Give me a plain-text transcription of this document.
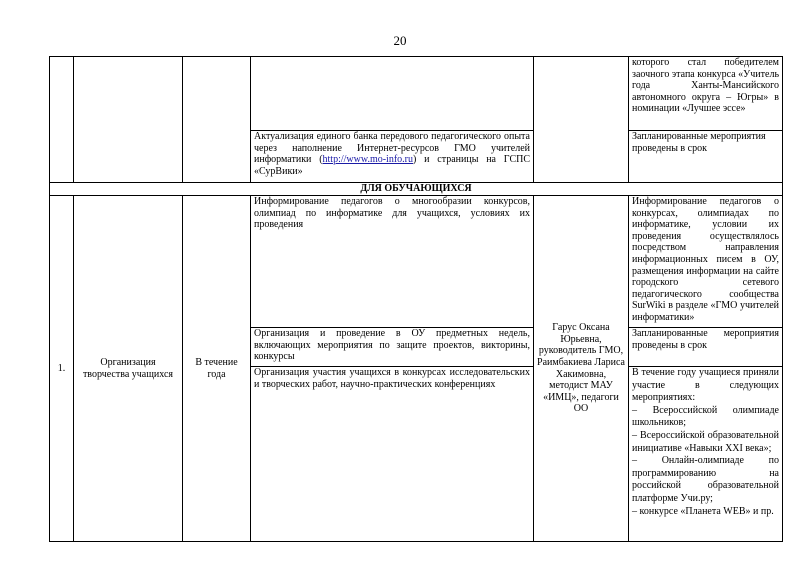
20
					которого стал победителем заочного этапа конкурса «Учитель года Ханты-Мансийского автономного округа – Югры» в номинации «Лучшее эссе»
			Актуализация единого банка передового педагогического опыта через наполнение Интернет-ресурсов ГМО учителей информатики (http://www.mo-info.ru) и страницы на ГСПС «СурВики»		Запланированные мероприятия проведены в срок
ДЛЯ ОБУЧАЮЩИХСЯ					
1.	Организация творчества учащихся	В течение года	Информирование педагогов о многообразии конкурсов, олимпиад по информатике для учащихся, условиях их проведения	Гарус Оксана Юрьевна, руководитель ГМО, Раимбакиева Лариса Хакимовна, методист МАУ «ИМЦ», педагоги ОО	Информирование педагогов о конкурсах, олимпиадах по информатике, условии их проведения осуществлялось посредством направления информационных писем в ОУ, размещения информации на сайте городского сетевого педагогического сообщества SurWiki в разделе «ГМО учителей информатики»
			Организация и проведение в ОУ предметных недель, включающих мероприятия по защите проектов, викторины, конкурсы		Запланированные мероприятия проведены в срок
			Организация участия учащихся в конкурсах исследовательских и творческих работ, научно-практических конференциях		В течение году учащиеся приняли участие в следующих мероприятиях:
– Всероссийской олимпиаде школьников;
– Всероссийской образовательной инициативе «Навыки XXI века»;
– Онлайн-олимпиаде по программированию на российской образовательной платформе Учи.ру;
– конкурсе «Планета WEB» и пр.
